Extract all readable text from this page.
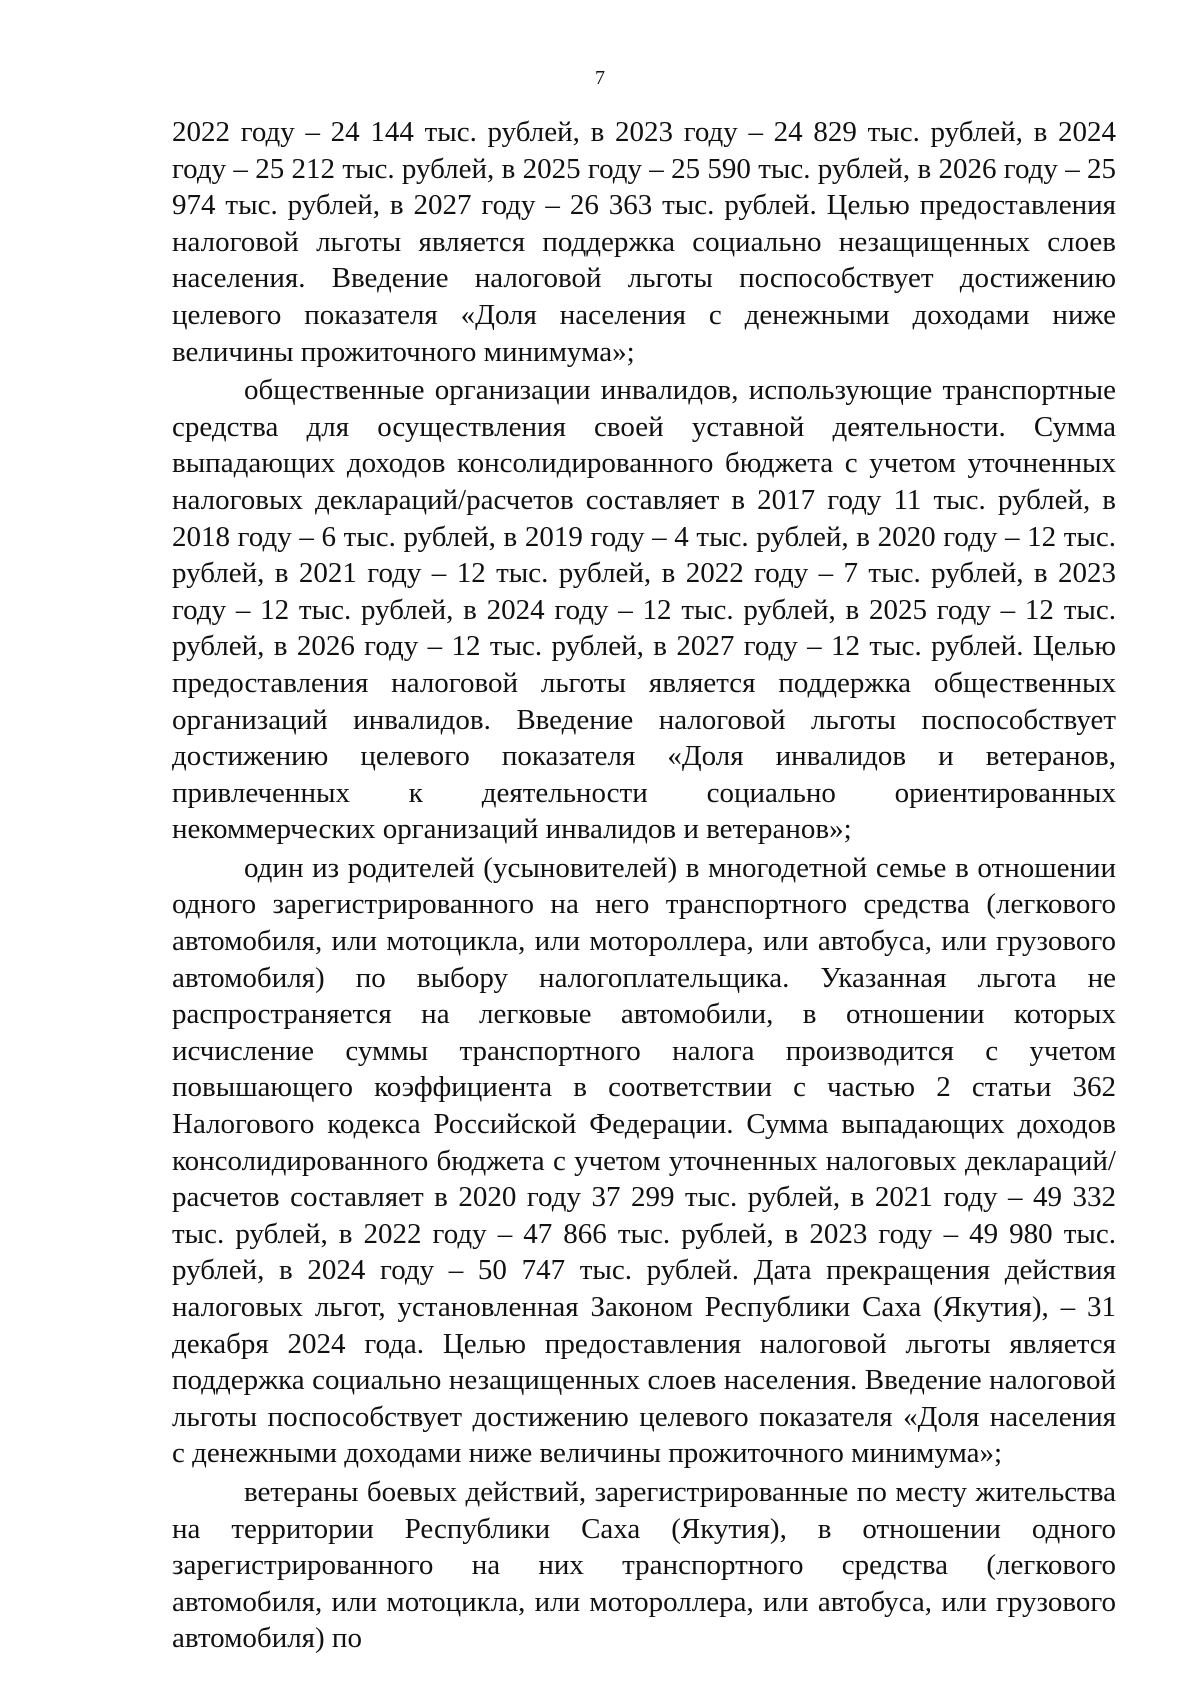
7

2022 году – 24 144 тыс. рублей, в 2023 году – 24 829 тыс. рублей, в 2024 году – 25 212 тыс. рублей, в 2025 году – 25 590 тыс. рублей, в 2026 году – 25 974 тыс. рублей, в 2027 году – 26 363 тыс. рублей. Целью предоставления налоговой льготы является поддержка социально незащищенных слоев населения. Введение налоговой льготы поспособствует достижению целевого показателя «Доля населения с денежными доходами ниже величины прожиточного минимума»;

общественные организации инвалидов, использующие транспортные средства для осуществления своей уставной деятельности. Сумма выпадающих доходов консолидированного бюджета с учетом уточненных налоговых деклараций/расчетов составляет в 2017 году 11 тыс. рублей, в 2018 году – 6 тыс. рублей, в 2019 году – 4 тыс. рублей, в 2020 году – 12 тыс. рублей, в 2021 году – 12 тыс. рублей, в 2022 году – 7 тыс. рублей, в 2023 году – 12 тыс. рублей, в 2024 году – 12 тыс. рублей, в 2025 году – 12 тыс. рублей, в 2026 году – 12 тыс. рублей, в 2027 году – 12 тыс. рублей. Целью предоставления налоговой льготы является поддержка общественных организаций инвалидов. Введение налоговой льготы поспособствует достижению целевого показателя «Доля инвалидов и ветеранов, привлеченных к деятельности социально ориентированных некоммерческих организаций инвалидов и ветеранов»;

один из родителей (усыновителей) в многодетной семье в отношении одного зарегистрированного на него транспортного средства (легкового автомобиля, или мотоцикла, или мотороллера, или автобуса, или грузового автомобиля) по выбору налогоплательщика. Указанная льгота не распространяется на легковые автомобили, в отношении которых исчисление суммы транспортного налога производится с учетом повышающего коэффициента в соответствии с частью 2 статьи 362 Налогового кодекса Российской Федерации. Сумма выпадающих доходов консолидированного бюджета с учетом уточненных налоговых деклараций/расчетов составляет в 2020 году 37 299 тыс. рублей, в 2021 году – 49 332 тыс. рублей, в 2022 году – 47 866 тыс. рублей, в 2023 году – 49 980 тыс. рублей, в 2024 году – 50 747 тыс. рублей. Дата прекращения действия налоговых льгот, установленная Законом Республики Саха (Якутия), – 31 декабря 2024 года. Целью предоставления налоговой льготы является поддержка социально незащищенных слоев населения. Введение налоговой льготы поспособствует достижению целевого показателя «Доля населения с денежными доходами ниже величины прожиточного минимума»;

ветераны боевых действий, зарегистрированные по месту жительства на территории Республики Саха (Якутия), в отношении одного зарегистрированного на них транспортного средства (легкового автомобиля, или мотоцикла, или мотороллера, или автобуса, или грузового автомобиля) по
